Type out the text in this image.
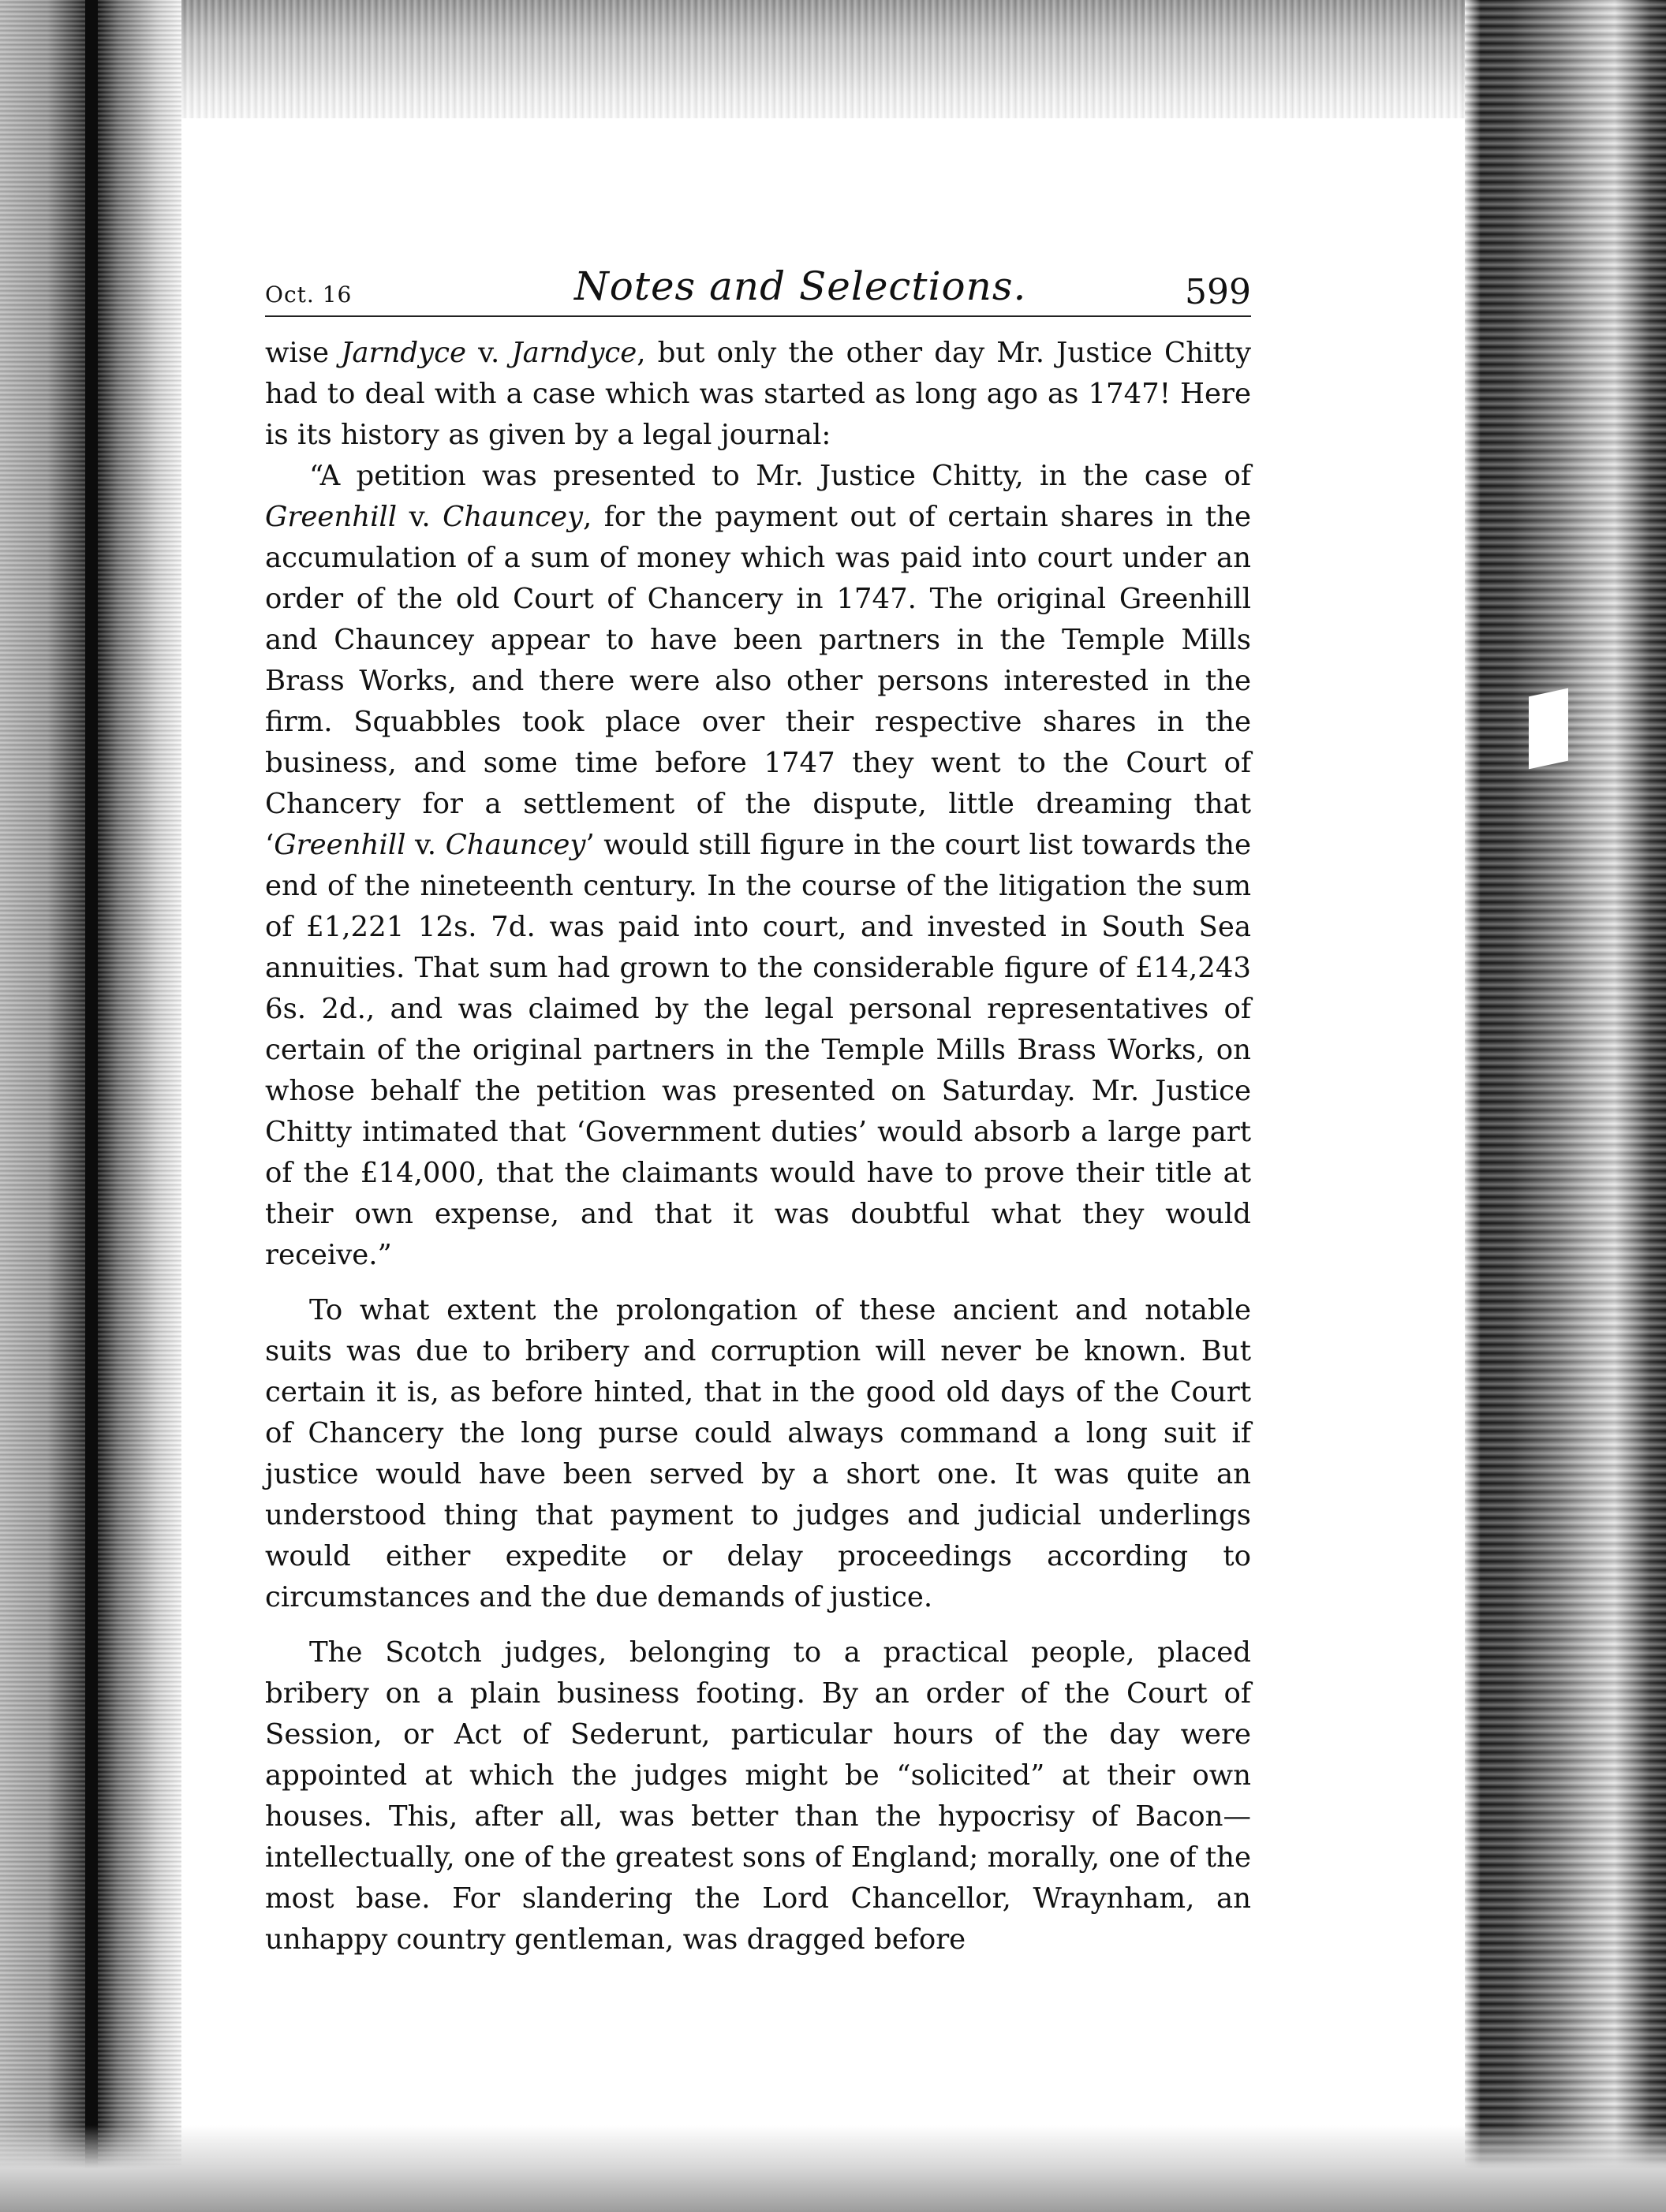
Oct. 16	Notes and Selections.	599

wise Jarndyce v. Jarndyce, but only the other day Mr. Justice Chitty had to deal with a case which was started as long ago as 1747! Here is its history as given by a legal journal:

“A petition was presented to Mr. Justice Chitty, in the case of Greenhill v. Chauncey, for the payment out of certain shares in the accumulation of a sum of money which was paid into court under an order of the old Court of Chancery in 1747. The original Greenhill and Chauncey appear to have been partners in the Temple Mills Brass Works, and there were also other persons interested in the firm. Squabbles took place over their respective shares in the business, and some time before 1747 they went to the Court of Chancery for a settlement of the dispute, little dreaming that ‘Greenhill v. Chauncey’ would still figure in the court list towards the end of the nineteenth century. In the course of the litigation the sum of £1,221 12s. 7d. was paid into court, and invested in South Sea annuities. That sum had grown to the considerable figure of £14,243 6s. 2d., and was claimed by the legal personal representatives of certain of the original partners in the Temple Mills Brass Works, on whose behalf the petition was presented on Saturday. Mr. Justice Chitty intimated that ‘Government duties’ would absorb a large part of the £14,000, that the claimants would have to prove their title at their own expense, and that it was doubtful what they would receive.”

To what extent the prolongation of these ancient and notable suits was due to bribery and corruption will never be known. But certain it is, as before hinted, that in the good old days of the Court of Chancery the long purse could always command a long suit if justice would have been served by a short one. It was quite an understood thing that payment to judges and judicial underlings would either expedite or delay proceedings according to circumstances and the due demands of justice.

The Scotch judges, belonging to a practical people, placed bribery on a plain business footing. By an order of the Court of Session, or Act of Sederunt, particular hours of the day were appointed at which the judges might be “solicited” at their own houses. This, after all, was better than the hypocrisy of Bacon—intellectually, one of the greatest sons of England; morally, one of the most base. For slandering the Lord Chancellor, Wraynham, an unhappy country gentleman, was dragged before
